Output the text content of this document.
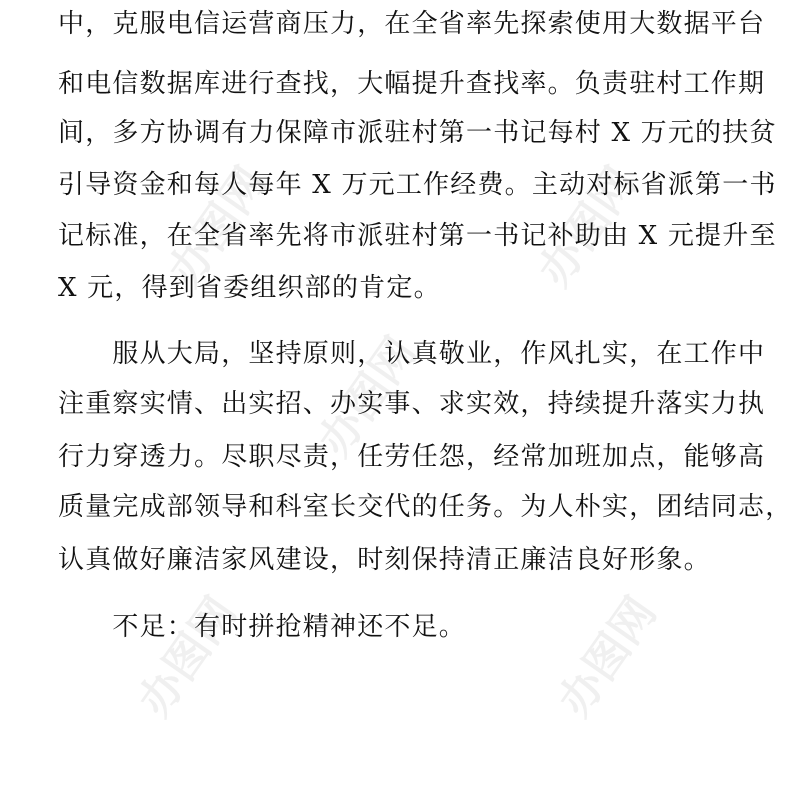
办图网	办图网
办图网
办图网	办图网
中，克服电信运营商压力，在全省率先探索使用大数据平台
和电信数据库进行查找，大幅提升查找率。负责驻村工作期
间，多方协调有力保障市派驻村第一书记每村 X 万元的扶贫
引导资金和每人每年 X 万元工作经费。主动对标省派第一书
记标准，在全省率先将市派驻村第一书记补助由 X 元提升至
X 元，得到省委组织部的肯定。
　　服从大局，坚持原则，认真敬业，作风扎实，在工作中
注重察实情、出实招、办实事、求实效，持续提升落实力执
行力穿透力。尽职尽责，任劳任怨，经常加班加点，能够高
质量完成部领导和科室长交代的任务。为人朴实，团结同志，
认真做好廉洁家风建设，时刻保持清正廉洁良好形象。
　　不足：有时拼抢精神还不足。
